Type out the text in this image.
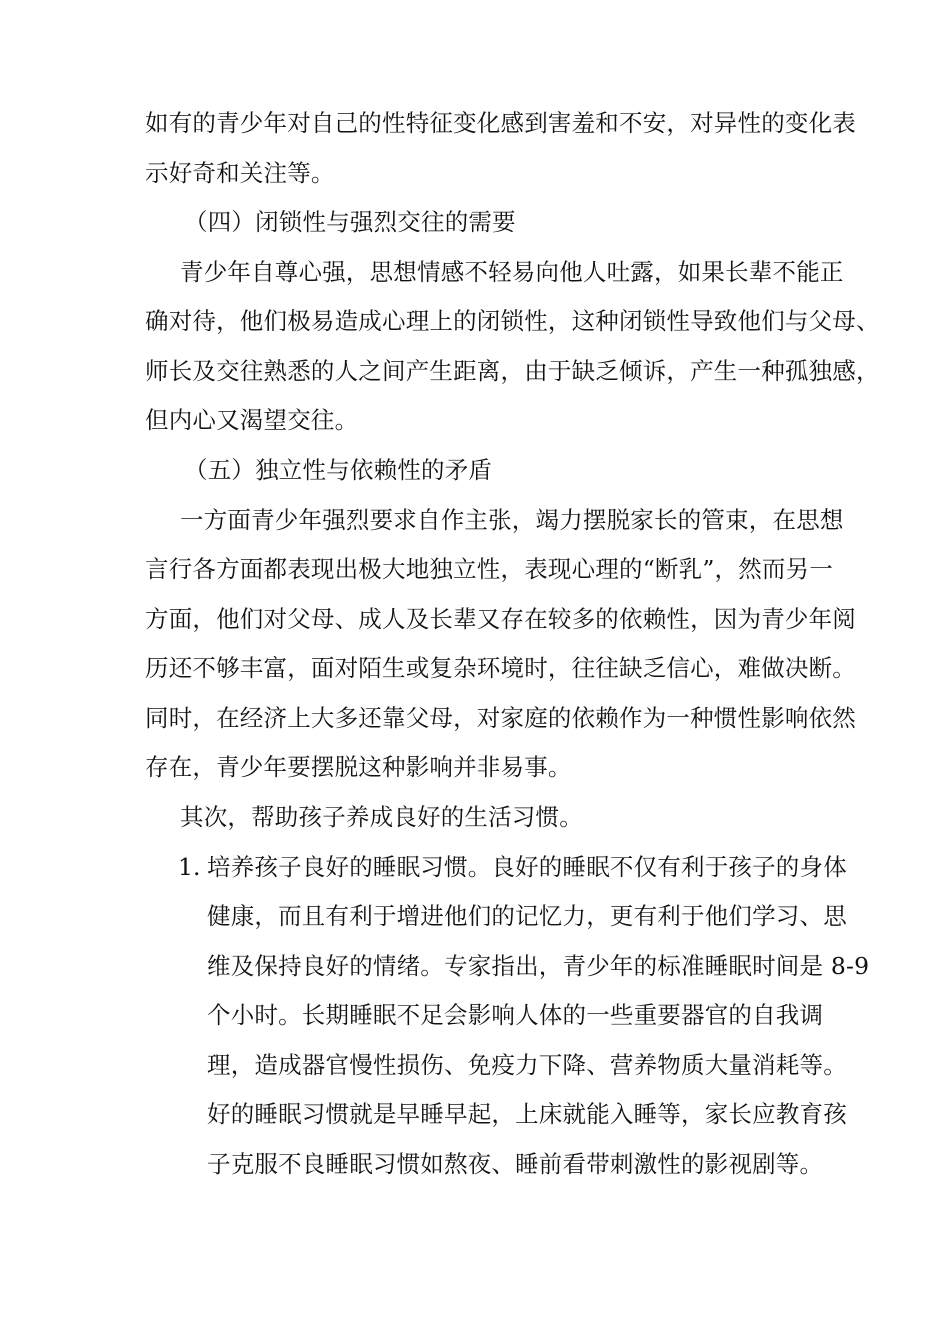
如有的青少年对自己的性特征变化感到害羞和不安，对异性的变化表
示好奇和关注等。
（四）闭锁性与强烈交往的需要
青少年自尊心强，思想情感不轻易向他人吐露，如果长辈不能正
确对待，他们极易造成心理上的闭锁性，这种闭锁性导致他们与父母、
师长及交往熟悉的人之间产生距离，由于缺乏倾诉，产生一种孤独感，
但内心又渴望交往。
（五）独立性与依赖性的矛盾
一方面青少年强烈要求自作主张，竭力摆脱家长的管束，在思想
言行各方面都表现出极大地独立性，表现心理的“断乳”，然而另一
方面，他们对父母、成人及长辈又存在较多的依赖性，因为青少年阅
历还不够丰富，面对陌生或复杂环境时，往往缺乏信心，难做决断。
同时，在经济上大多还靠父母，对家庭的依赖作为一种惯性影响依然
存在，青少年要摆脱这种影响并非易事。
其次，帮助孩子养成良好的生活习惯。
1. 培养孩子良好的睡眠习惯。良好的睡眠不仅有利于孩子的身体
健康，而且有利于增进他们的记忆力，更有利于他们学习、思
维及保持良好的情绪。专家指出，青少年的标准睡眠时间是 8-9
个小时。长期睡眠不足会影响人体的一些重要器官的自我调
理，造成器官慢性损伤、免疫力下降、营养物质大量消耗等。
好的睡眠习惯就是早睡早起，上床就能入睡等，家长应教育孩
子克服不良睡眠习惯如熬夜、睡前看带刺激性的影视剧等。
